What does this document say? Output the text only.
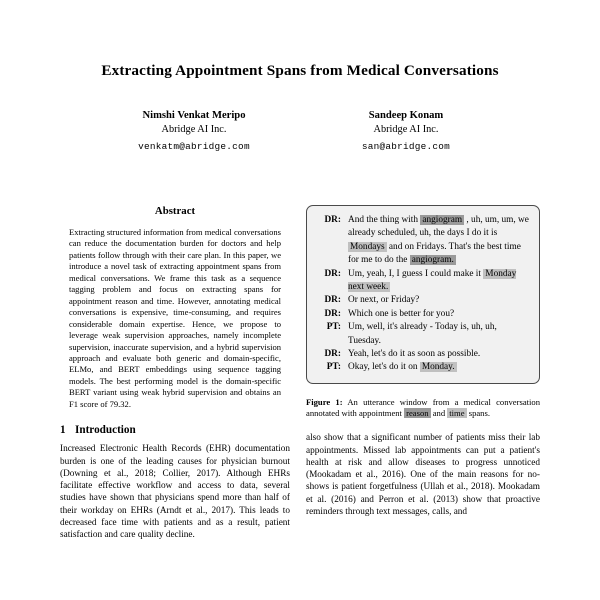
Extracting Appointment Spans from Medical Conversations
Nimshi Venkat Meripo
Abridge AI Inc.
venkatm@abridge.com
Sandeep Konam
Abridge AI Inc.
san@abridge.com
Abstract
Extracting structured information from medical conversations can reduce the documentation burden for doctors and help patients follow through with their care plan. In this paper, we introduce a novel task of extracting appointment spans from medical conversations. We frame this task as a sequence tagging problem and focus on extracting spans for appointment reason and time. However, annotating medical conversations is expensive, time-consuming, and requires considerable domain expertise. Hence, we propose to leverage weak supervision approaches, namely incomplete supervision, inaccurate supervision, and a hybrid supervision approach and evaluate both generic and domain-specific, ELMo, and BERT embeddings using sequence tagging models. The best performing model is the domain-specific BERT variant using weak hybrid supervision and obtains an F1 score of 79.32.
1 Introduction
Increased Electronic Health Records (EHR) documentation burden is one of the leading causes for physician burnout (Downing et al., 2018; Collier, 2017). Although EHRs facilitate effective workflow and access to data, several studies have shown that physicians spend more than half of their workday on EHRs (Arndt et al., 2017). This leads to decreased face time with patients and as a result, patient satisfaction and care quality decline.
DR:	And the thing with angiogram , uh, um, um, we already scheduled, uh, the days I do it is Mondays and on Fridays. That's the best time for me to do the angiogram.
DR:	Um, yeah, I, I guess I could make it Monday next week.
DR:	Or next, or Friday?
DR:	Which one is better for you?
PT:	Um, well, it's already - Today is, uh, uh, Tuesday.
DR:	Yeah, let's do it as soon as possible.
PT:	Okay, let's do it on Monday.
Figure 1: An utterance window from a medical conversation annotated with appointment reason and time spans.
also show that a significant number of patients miss their lab appointments. Missed lab appointments can put a patient's health at risk and allow diseases to progress unnoticed (Mookadam et al., 2016). One of the main reasons for no-shows is patient forgetfulness (Ullah et al., 2018). Mookadam et al. (2016) and Perron et al. (2013) show that proactive reminders through text messages, calls, and
